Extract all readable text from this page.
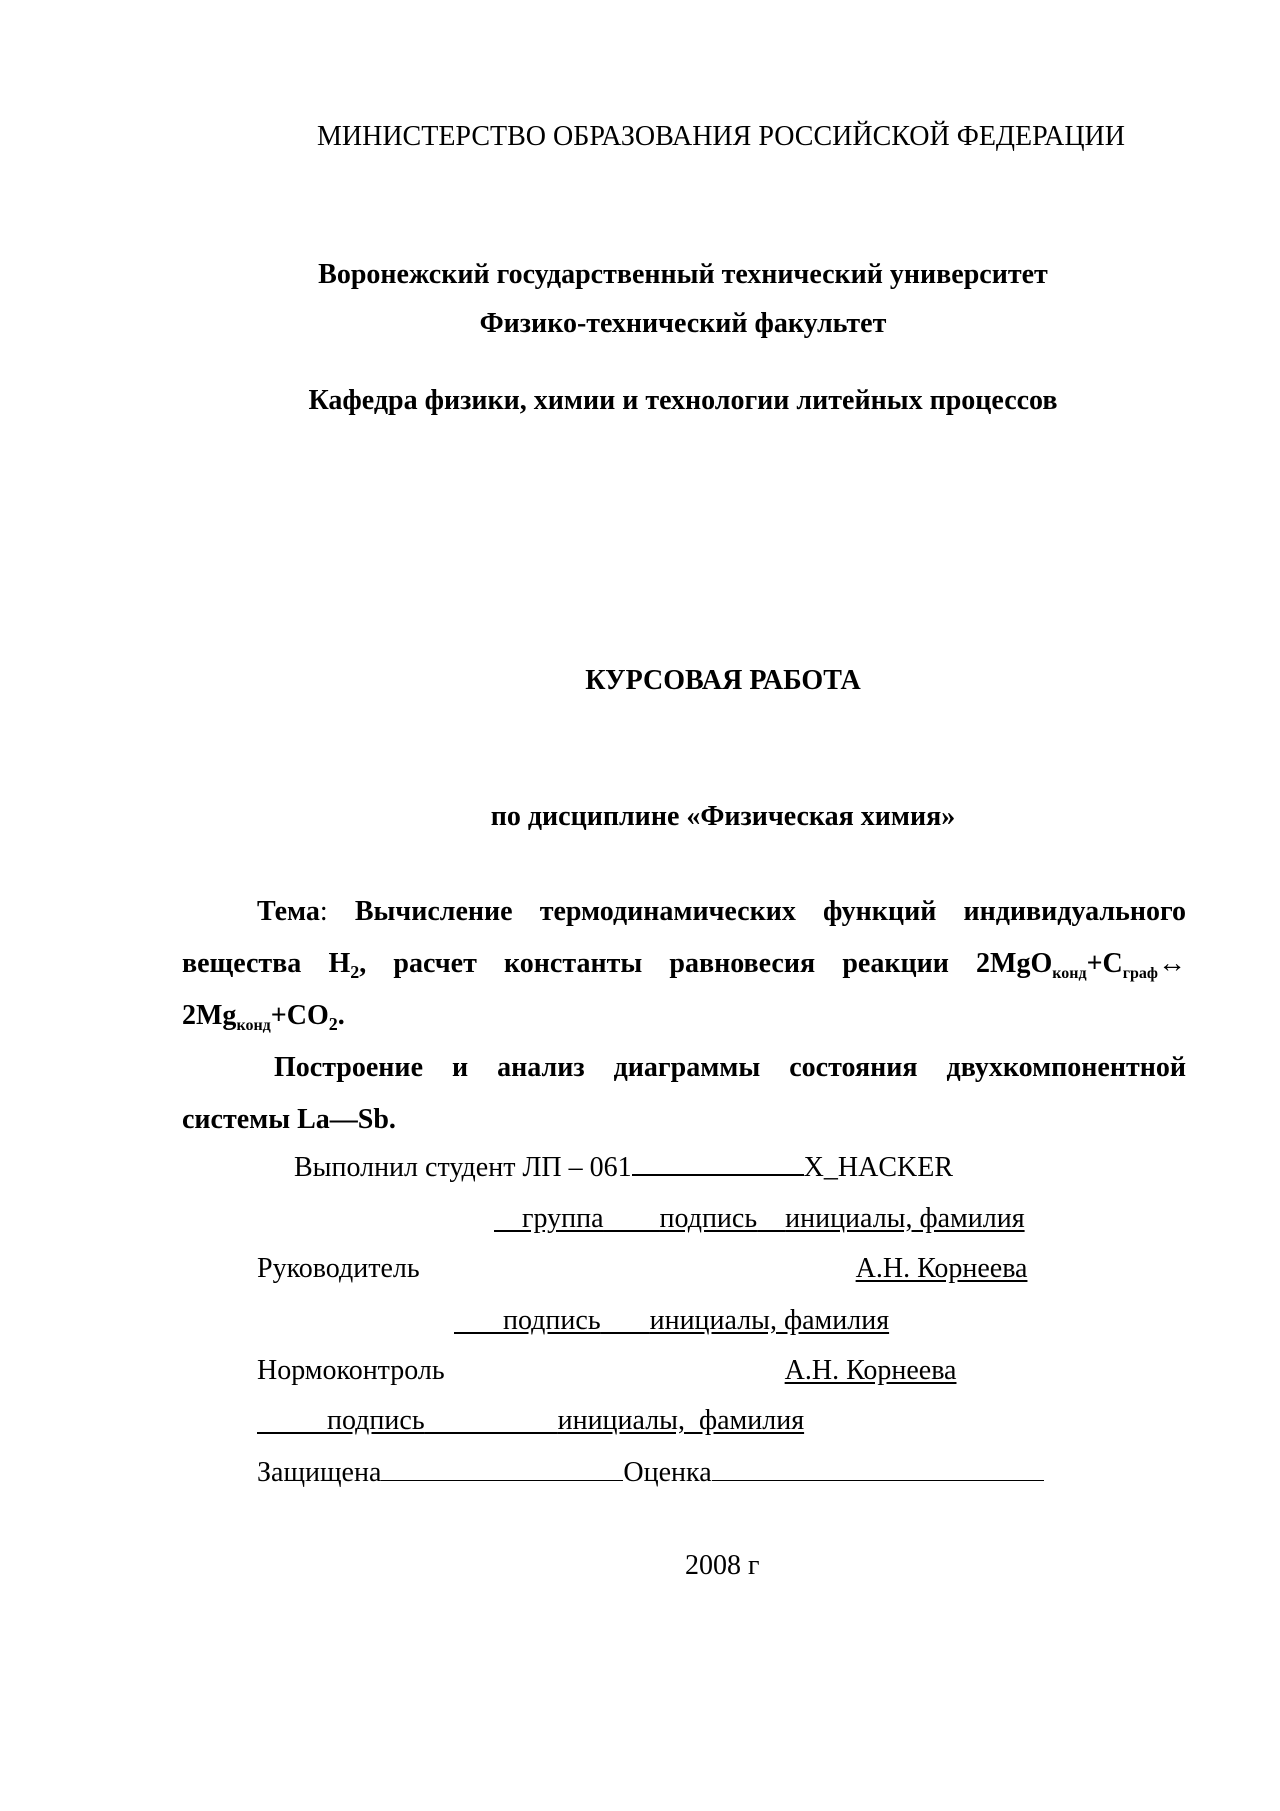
МИНИСТЕРСТВО ОБРАЗОВАНИЯ РОССИЙСКОЙ ФЕДЕРАЦИИ
Воронежский государственный технический университет
Физико-технический факультет
Кафедра физики, химии и технологии литейных процессов
КУРСОВАЯ РАБОТА
по дисциплине «Физическая химия»
Тема: Вычисление термодинамических функций индивидуального
вещества $H_2$, расчет константы равновесия реакции $2MgO_{конд}+C_{граф}\leftrightarrow$
$2Mg_{конд}+CO_2$.
Построение и анализ диаграммы состояния двухкомпонентной
системы La—Sb.
Выполнил студент ЛП – 061	X_HACKER
группа подпись инициалы, фамилия
Руководитель	А.Н. Корнеева
подпись инициалы, фамилия
Нормоконтроль	А.Н. Корнеева
подпись	инициалы,  фамилия
Защищена	Оценка
2008 г
